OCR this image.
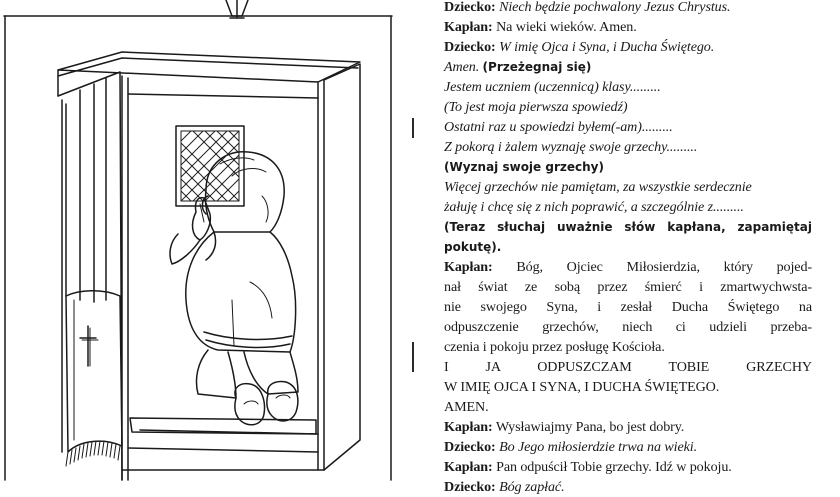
Dziecko: Niech będzie pochwalony Jezus Chrystus.
Kapłan: Na wieki wieków. Amen.
Dziecko: W imię Ojca i Syna, i Ducha Świętego.
Amen. (Przeżegnaj się)
Jestem uczniem (uczennicą) klasy.........
(To jest moja pierwsza spowiedź)
Ostatni raz u spowiedzi byłem(-am).........
Z pokorą i żalem wyznaję swoje grzechy.........
(Wyznaj swoje grzechy)
Więcej grzechów nie pamiętam, za wszystkie serdecznie
żałuję i chcę się z nich poprawić, a szczególnie z.........
(Teraz słuchaj uważnie słów kapłana, zapamiętaj
pokutę).
Kapłan: Bóg, Ojciec Miłosierdzia, który pojed-
nał świat ze sobą przez śmierć i zmartwychwsta-
nie swojego Syna, i zesłał Ducha Świętego na
odpuszczenie grzechów, niech ci udzieli przeba-
czenia i pokoju przez posługę Kościoła.
I JA ODPUSZCZAM TOBIE GRZECHY
W IMIĘ OJCA I SYNA, I DUCHA ŚWIĘTEGO.
AMEN.
Kapłan: Wysławiajmy Pana, bo jest dobry.
Dziecko: Bo Jego miłosierdzie trwa na wieki.
Kapłan: Pan odpuścił Tobie grzechy. Idź w pokoju.
Dziecko: Bóg zapłać.
